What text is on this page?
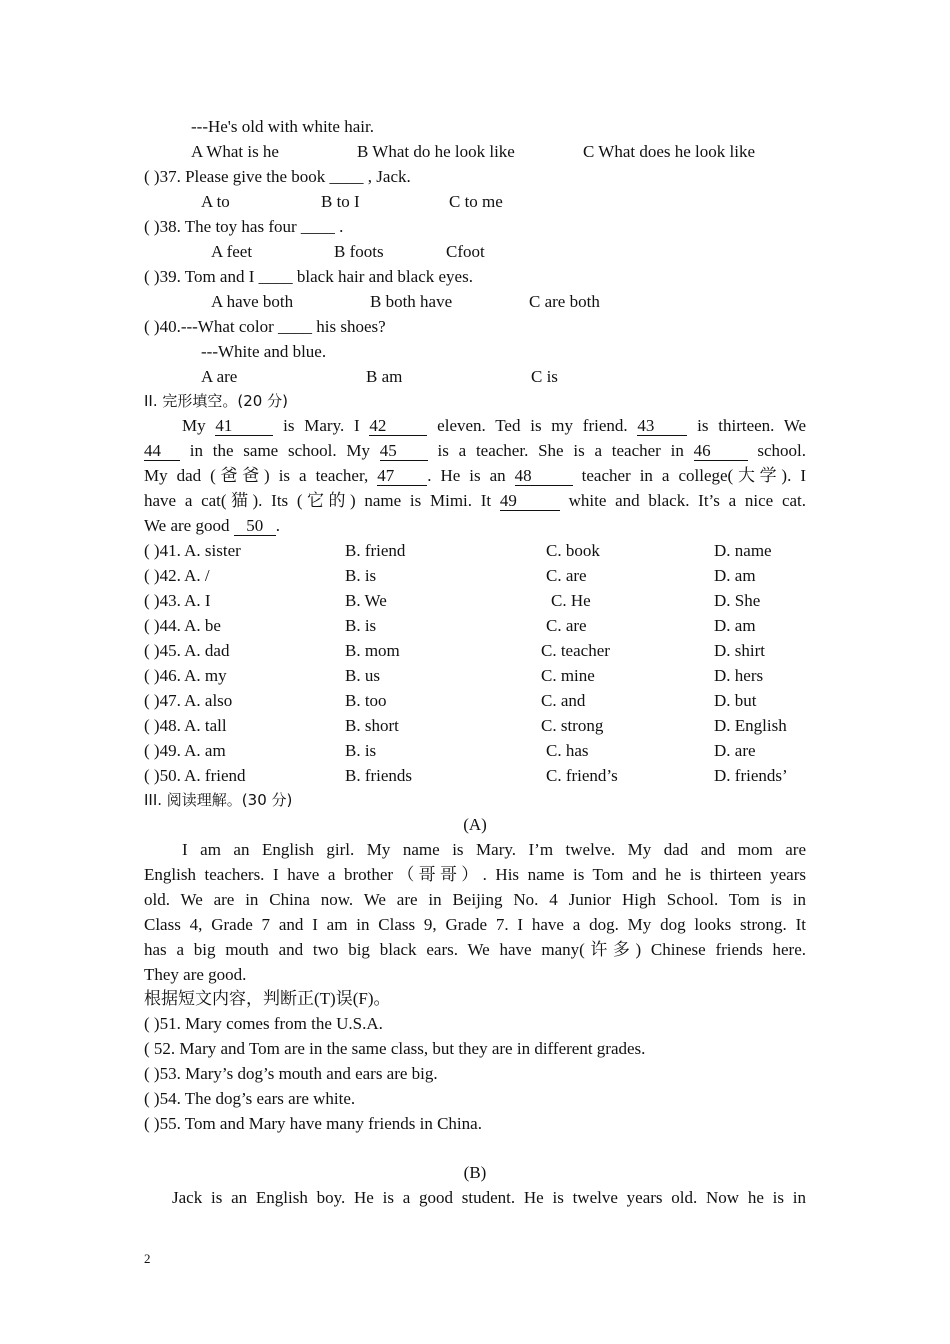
---He's old with white hair.
A What is he	B What do he look like	C What does he look like
( )37. Please give the book ____ , Jack.
A to	B to I	C to me
( )38. The toy has four ____ .
A feet	B foots	Cfoot
( )39. Tom and I ____ black hair and black eyes.
A have both	B both have	C are both
( )40.---What color ____ his shoes?
---White and blue.
A are	B am	C is
II. 完形填空。(20 分)
My 41	is Mary. I 42	eleven. Ted is my friend. 43	is thirteen. We
44 in the same school. My 45 is a teacher. She is a teacher in 46	school.
My dad (爸爸) is a teacher, 47 . He is an 48	teacher in a college(大学). I
have a cat(猫). Its (它的) name is Mimi. It 49	white and black. It’s a nice cat.
We are good 50 .
( )41. A. sister	B. friend	C. book	D. name
( )42. A. /	B. is	C. are	D. am
( )43. A. I	B. We	C. He	D. She
( )44. A. be	B. is	C. are	D. am
( )45. A. dad	B. mom	C. teacher	D. shirt
( )46. A. my	B. us	C. mine	D. hers
( )47. A. also	B. too	C. and	D. but
( )48. A. tall	B. short	C. strong	D. English
( )49. A. am	B. is	C. has	D. are
( )50. A. friend	B. friends	C. friend’s	D. friends’
III. 阅读理解。(30 分)
(A)
I am an English girl. My name is Mary. I’m twelve. My dad and mom are
English teachers. I have a brother（哥哥）. His name is Tom and he is thirteen years
old. We are in China now. We are in Beijing No. 4 Junior High School. Tom is in
Class 4, Grade 7 and I am in Class 9, Grade 7. I have a dog. My dog looks strong. It
has a big mouth and two big black ears. We have many(许多) Chinese friends here.
They are good.
根据短文内容，判断正(T)误(F)。
( )51. Mary comes from the U.S.A.
( 52. Mary and Tom are in the same class, but they are in different grades.
( )53. Mary’s dog’s mouth and ears are big.
( )54. The dog’s ears are white.
( )55. Tom and Mary have many friends in China.
(B)
Jack is an English boy. He is a good student. He is twelve years old. Now he is in
2
